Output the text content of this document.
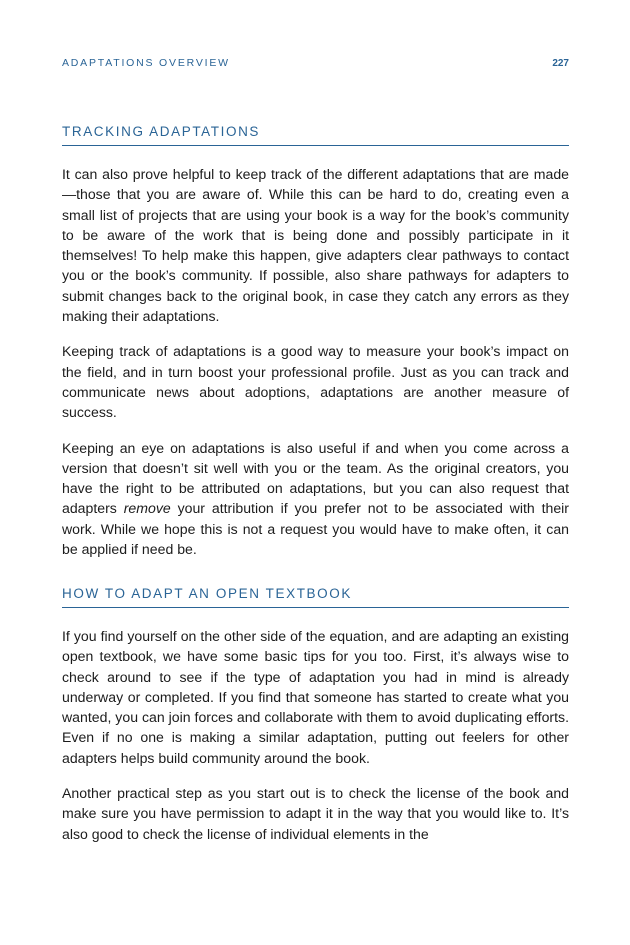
ADAPTATIONS OVERVIEW	227
TRACKING ADAPTATIONS

It can also prove helpful to keep track of the different adaptations that are made—those that you are aware of. While this can be hard to do, creating even a small list of projects that are using your book is a way for the book’s community to be aware of the work that is being done and possibly participate in it themselves! To help make this happen, give adapters clear pathways to contact you or the book’s community. If possible, also share pathways for adapters to submit changes back to the original book, in case they catch any errors as they making their adaptations.

Keeping track of adaptations is a good way to measure your book’s impact on the field, and in turn boost your professional profile. Just as you can track and communicate news about adoptions, adaptations are another measure of success.

Keeping an eye on adaptations is also useful if and when you come across a version that doesn’t sit well with you or the team. As the original creators, you have the right to be attributed on adaptations, but you can also request that adapters remove your attribution if you prefer not to be associated with their work. While we hope this is not a request you would have to make often, it can be applied if need be.

HOW TO ADAPT AN OPEN TEXTBOOK

If you find yourself on the other side of the equation, and are adapting an existing open textbook, we have some basic tips for you too. First, it’s always wise to check around to see if the type of adaptation you had in mind is already underway or completed. If you find that someone has started to create what you wanted, you can join forces and collaborate with them to avoid duplicating efforts. Even if no one is making a similar adaptation, putting out feelers for other adapters helps build community around the book.

Another practical step as you start out is to check the license of the book and make sure you have permission to adapt it in the way that you would like to. It’s also good to check the license of individual elements in the
